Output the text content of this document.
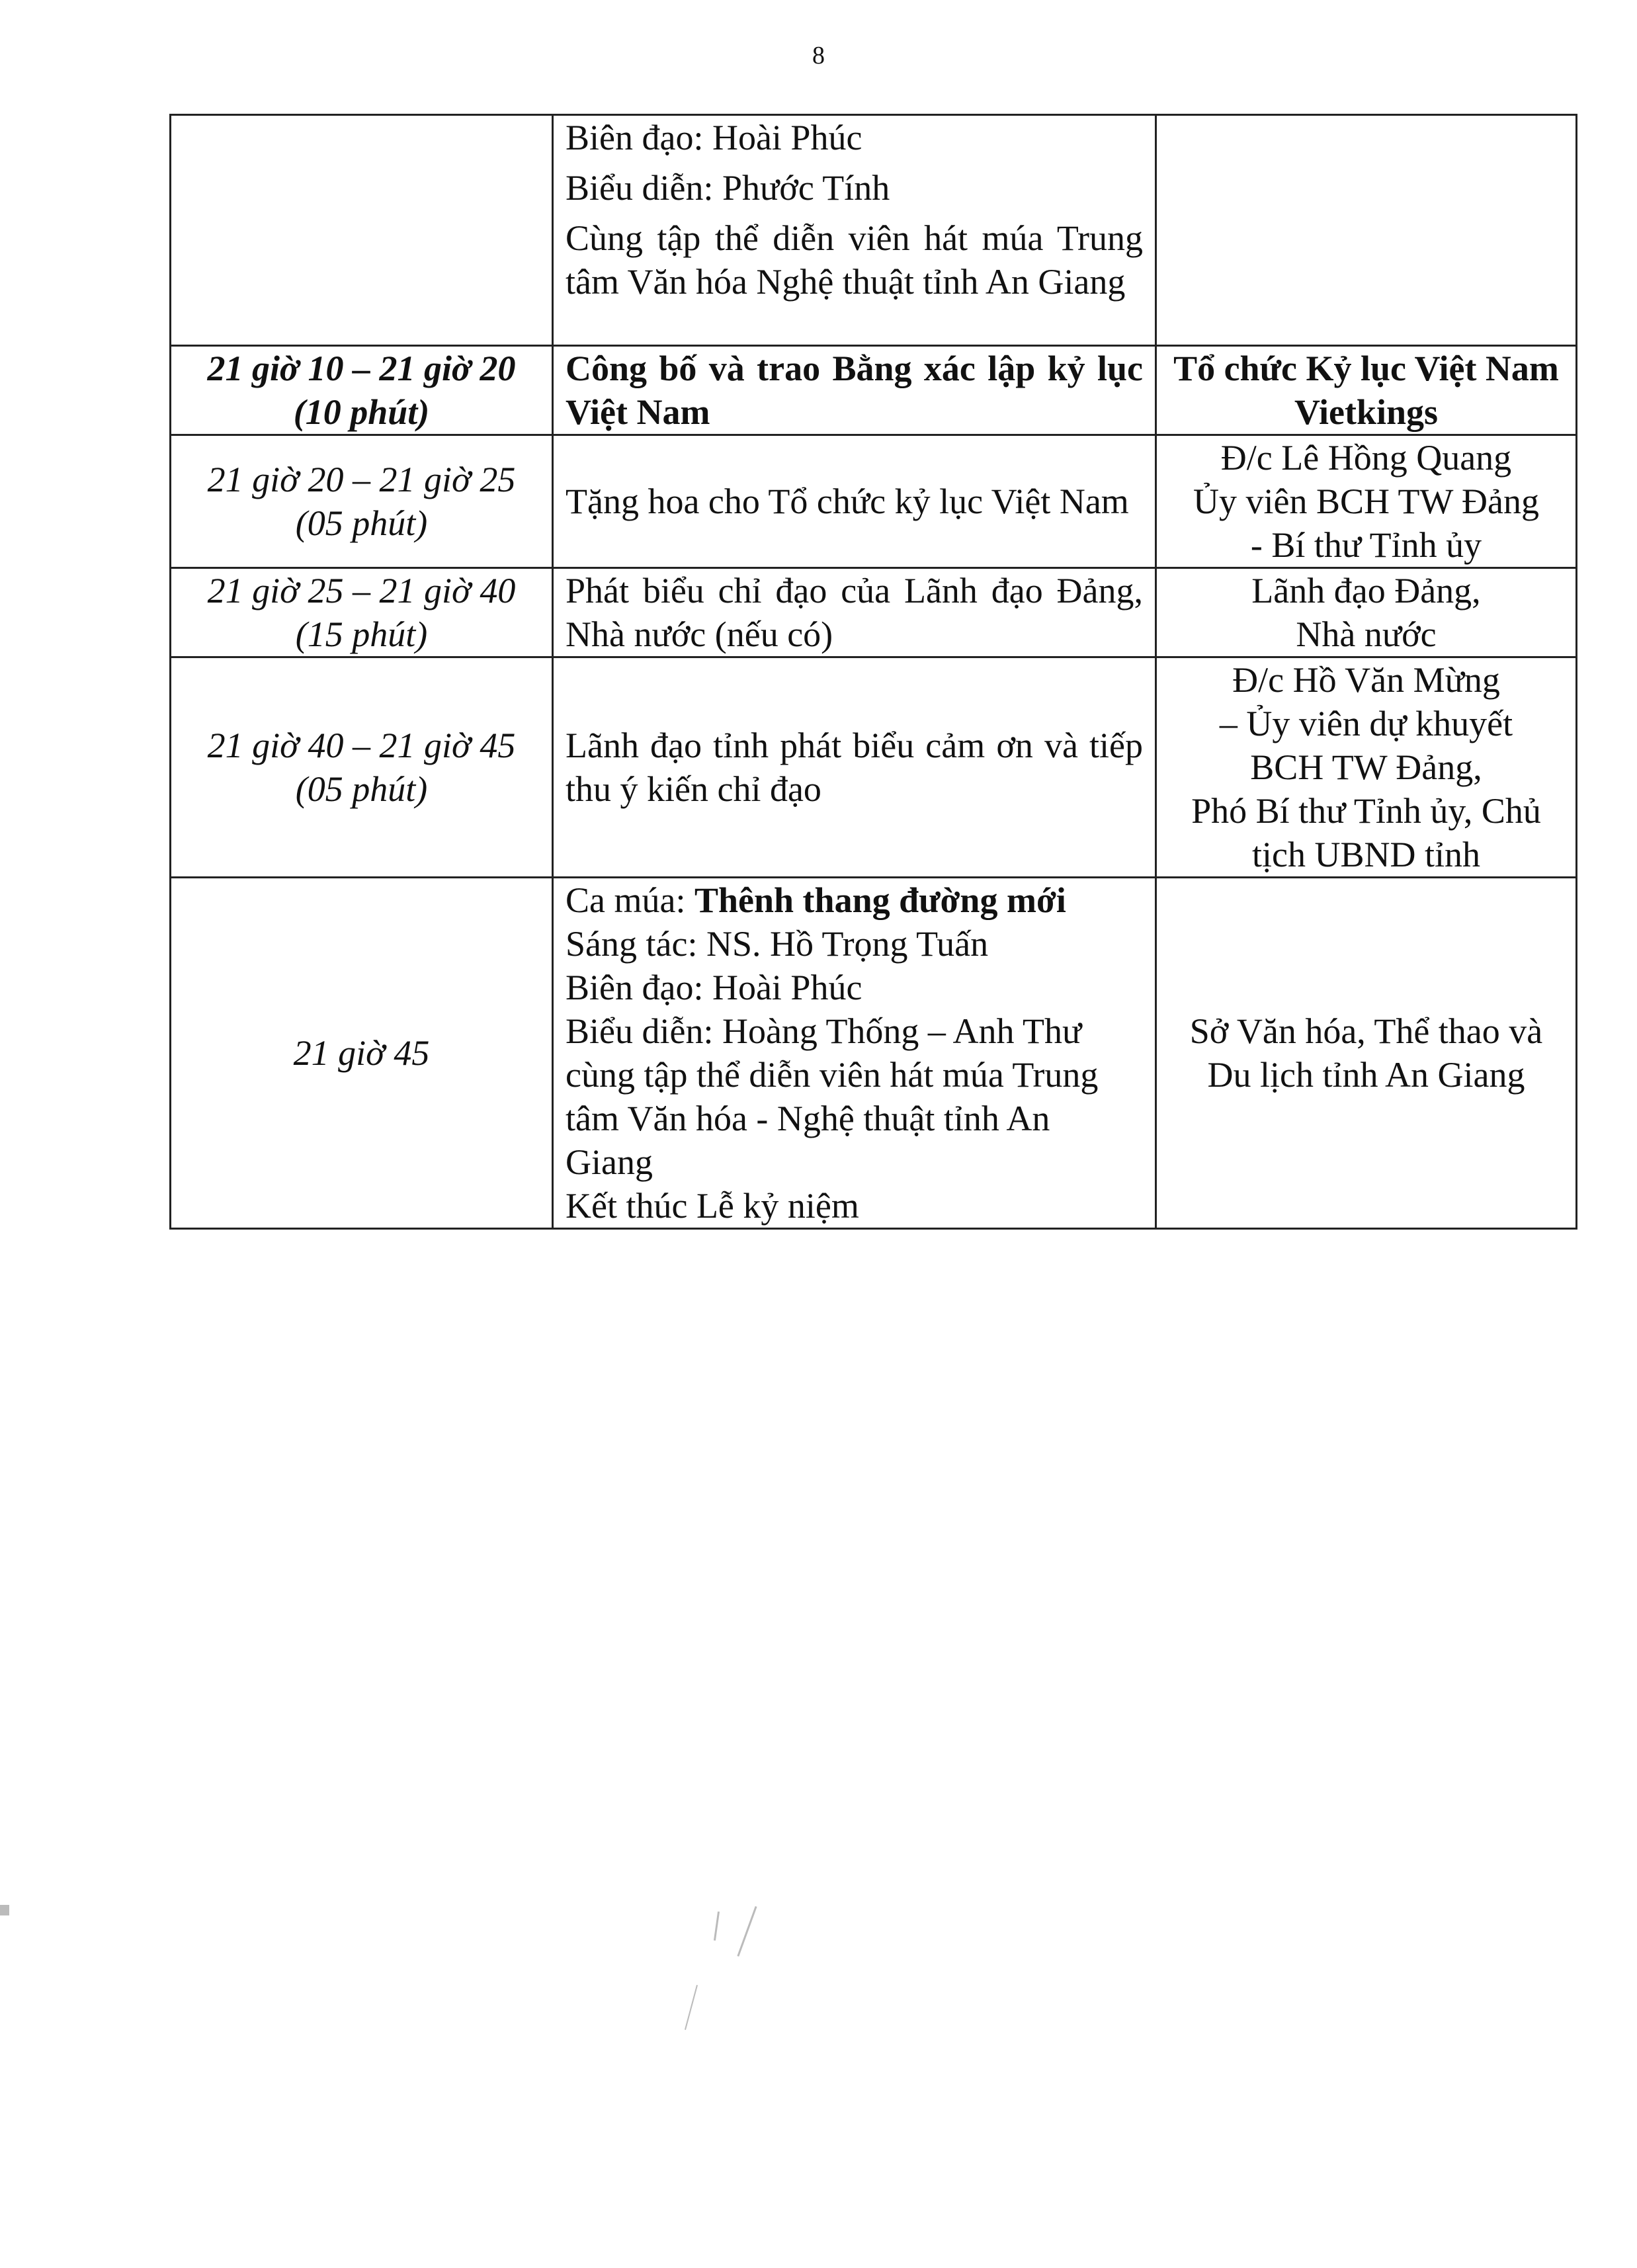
8

	Biên đạo: Hoài Phúc
Biểu diễn: Phước Tính
Cùng tập thể diễn viên hát múa Trung tâm Văn hóa Nghệ thuật tỉnh An Giang	

21 giờ 10 – 21 giờ 20
(10 phút)	Công bố và trao Bằng xác lập kỷ lục Việt Nam	Tổ chức Kỷ lục Việt Nam Vietkings

21 giờ 20 – 21 giờ 25
(05 phút)	Tặng hoa cho Tổ chức kỷ lục Việt Nam	Đ/c Lê Hồng Quang
Ủy viên BCH TW Đảng
- Bí thư Tỉnh ủy

21 giờ 25 – 21 giờ 40
(15 phút)	Phát biểu chỉ đạo của Lãnh đạo Đảng, Nhà nước (nếu có)	Lãnh đạo Đảng,
Nhà nước

21 giờ 40 – 21 giờ 45
(05 phút)	Lãnh đạo tỉnh phát biểu cảm ơn và tiếp thu ý kiến chỉ đạo	Đ/c Hồ Văn Mừng
– Ủy viên dự khuyết
BCH TW Đảng,
Phó Bí thư Tỉnh ủy, Chủ tịch UBND tỉnh

21 giờ 45	Ca múa: Thênh thang đường mới
Sáng tác: NS. Hồ Trọng Tuấn
Biên đạo: Hoài Phúc
Biểu diễn: Hoàng Thống – Anh Thư cùng tập thể diễn viên hát múa Trung tâm Văn hóa - Nghệ thuật tỉnh An Giang
Kết thúc Lễ kỷ niệm	Sở Văn hóa, Thể thao và Du lịch tỉnh An Giang
